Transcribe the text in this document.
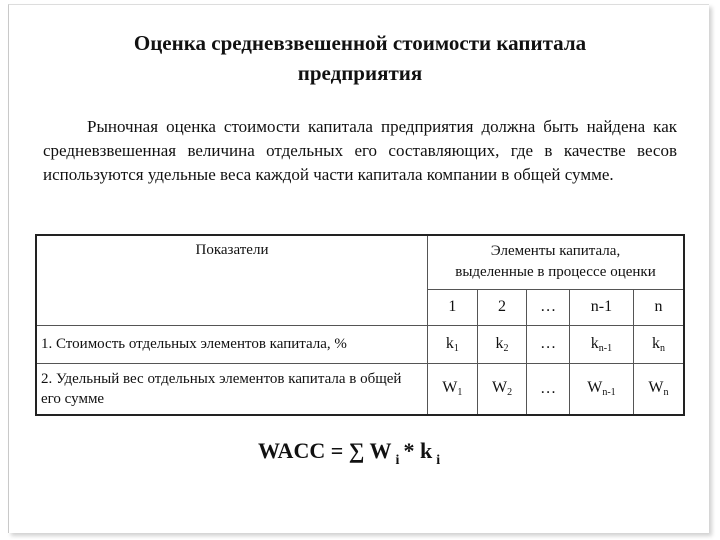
Оценка средневзвешенной стоимости капитала
предприятия
Рыночная оценка стоимости капитала предприятия должна быть найдена как средневзвешенная величина отдельных его составляющих, где в качестве весов используются удельные веса каждой части капитала компании в общей сумме.
Показатели	Элементы капитала,
выделенные в процессе оценки				

	1	2	…	n-1	n
1. Стоимость отдельных элементов капитала, %	$k_1$	$k_2$	…	$k_{n-1}$	$k_n$
2. Удельный вес отдельных элементов капитала в общей его сумме	$W_1$	$W_2$	…	$W_{n-1}$	$W_n$
WACC = ∑ W $_i$ * k $_i$
